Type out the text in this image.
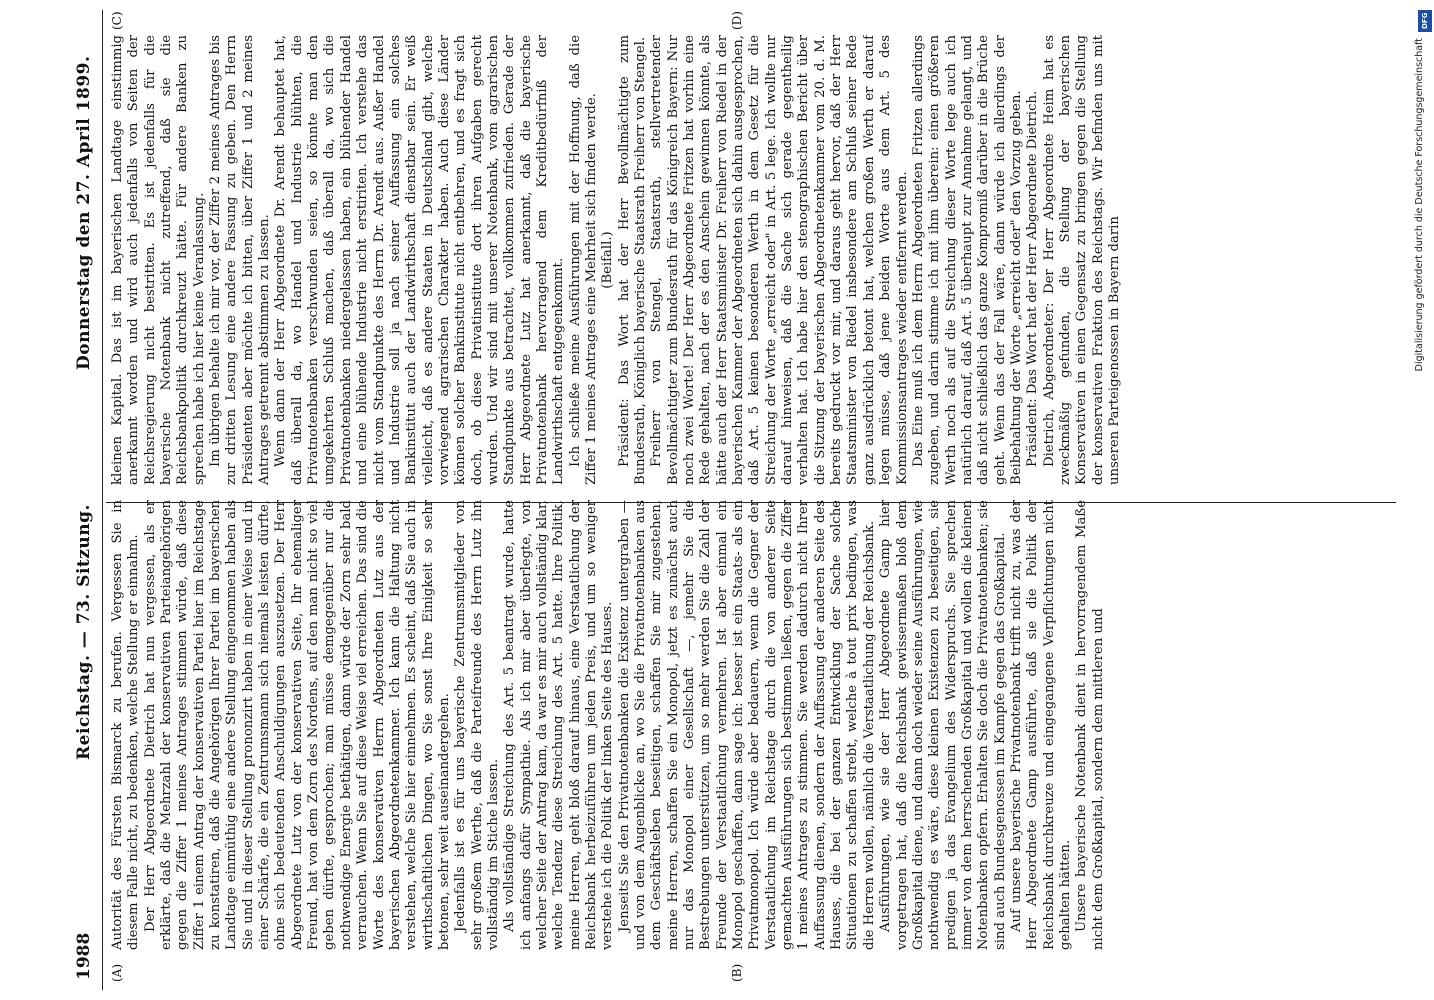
1988
Reichstag. — 73. Sitzung.
Donnerstag den 27. April 1899.
(A)	(B)
(C)	(D)

Autorität des Fürsten Bismarck zu berufen. Vergessen Sie in diesem Falle nicht, zu bedenken, welche Stellung er einnahm. Der Herr Abgeordnete Dietrich hat nun vergessen, als er erklärte, daß die Mehrzahl der konservativen Parteiangehörigen gegen die Ziffer 1 meines Antrages stimmen würde, daß diese Ziffer 1 einem Antrag der konservativen Partei hier im Reichstage zu konstatiren, daß die Angehörigen Ihrer Partei im bayerischen Landtage einmüthig eine andere Stellung eingenommen haben als Sie und in dieser Stellung prononzirt haben in einer Weise und in einer Schärfe, die ein Zentrumsmann sich niemals leisten dürfte, ohne sich bedeutenden Anschuldigungen auszusetzen. Der Herr Abgeordnete Lutz von der konservativen Seite, Ihr ehemaliger Freund, hat von dem Zorn des Nordens, auf den man nicht so viel geben dürfte, gesprochen; man müsse demgegenüber nur die nothwendige Energie bethätigen, dann würde der Zorn sehr bald verrauchen. Wenn Sie auf diese Weise viel erreichen. Das sind die Worte des konservativen Herrn Abgeordneten Lutz aus der bayerischen Abgeordnetenkammer. Ich kann die Haltung nicht verstehen, welche Sie hier einnehmen. Es scheint, daß Sie auch in wirthschaftlichen Dingen, wo Sie sonst Ihre Einigkeit so sehr betonen, sehr weit auseinandergehen. Jedenfalls ist es für uns bayerische Zentrumsmitglieder von sehr großem Werthe, daß die Parteifreunde des Herrn Lutz ihn vollständig im Stiche lassen. Als vollständige Streichung des Art. 5 beantragt wurde, hatte ich anfangs dafür Sympathie. Als ich mir aber überlegte, von welcher Seite der Antrag kam, da war es mir auch vollständig klar, welche Tendenz diese Streichung des Art. 5 hatte. Ihre Politik, meine Herren, geht bloß darauf hinaus, eine Verstaatlichung der Reichsbank herbeizuführen um jeden Preis, und um so weniger verstehe ich die Politik der linken Seite des Hauses. Jenseits Sie den Privatnotenbanken die Existenz untergraben — und von dem Augenblicke an, wo Sie die Privatnotenbanken aus dem Geschäftsleben beseitigen, schaffen Sie mir zugestehen, meine Herren, schaffen Sie ein Monopol, jetzt es zunächst auch nur das Monopol einer Gesellschaft —, jemehr Sie die Bestrebungen unterstützen, um so mehr werden Sie die Zahl der Freunde der Verstaatlichung vermehren. Ist aber einmal ein Monopol geschaffen, dann sage ich: besser ist ein Staats- als ein Privatmonopol. Ich würde aber bedauern, wenn die Gegner der Verstaatlichung im Reichstage durch die von anderer Seite gemachten Ausführungen sich bestimmen ließen, gegen die Ziffer 1 meines Antrages zu stimmen. Sie werden dadurch nicht Ihrer Auffassung dienen, sondern der Auffassung der anderen Seite des Hauses, die bei der ganzen Entwicklung der Sache solche Situationen zu schaffen strebt, welche à tout prix bedingen, was die Herren wollen, nämlich die Verstaatlichung der Reichsbank. Ausführungen, wie sie der Herr Abgeordnete Gamp hier vorgetragen hat, daß die Reichsbank gewissermaßen bloß dem Großkapital diene, und dann doch wieder seine Ausführungen, wie nothwendig es wäre, diese kleinen Existenzen zu beseitigen, sie predigen ja das Evangelium des Widerspruchs. Sie sprechen immer von dem herrschenden Großkapital und wollen die kleinen Notenbanken opfern. Erhalten Sie doch die Privatnotenbanken; sie sind auch Bundesgenossen im Kampfe gegen das Großkapital. Auf unsere bayerische Privatnotenbank trifft nicht zu, was der Herr Abgeordnete Gamp ausführte, daß sie die Politik der Reichsbank durchkreuze und eingegangene Verpflichtungen nicht gehalten hätten. Unsere bayerische Notenbank dient in hervorragendem Maße nicht dem Großkapital, sondern dem mittleren und

kleinen Kapital. Das ist im bayerischen Landtage einstimmig anerkannt worden und wird auch jedenfalls von Seiten der Reichsregierung nicht bestritten. Es ist jedenfalls für die bayerische Notenbank nicht zutreffend, daß sie die Reichsbankpolitik durchkreuzt hätte. Für andere Banken zu sprechen habe ich hier keine Veranlassung. Im übrigen behalte ich mir vor, der Ziffer 2 meines Antrages bis zur dritten Lesung eine andere Fassung zu geben. Den Herrn Präsidenten aber möchte ich bitten, über Ziffer 1 und 2 meines Antrages getrennt abstimmen zu lassen. Wenn dann der Herr Abgeordnete Dr. Arendt behauptet hat, daß überall da, wo Handel und Industrie blühten, die Privatnotenbanken verschwunden seien, so könnte man den umgekehrten Schluß machen, daß überall da, wo sich die Privatnotenbanken niedergelassen haben, ein blühender Handel und eine blühende Industrie nicht erstiriten. Ich verstehe das nicht vom Standpunkte des Herrn Dr. Arendt aus. Außer Handel und Industrie soll ja nach seiner Auffassung ein solches Bankinstitut auch der Landwirthschaft dienstbar sein. Er weiß vielleicht, daß es andere Staaten in Deutschland gibt, welche vorwiegend agrarischen Charakter haben. Auch diese Länder können solcher Bankinstitute nicht entbehren, und es fragt sich doch, ob diese Privatinstitute dort ihren Aufgaben gerecht wurden. Und wir sind mit unserer Notenbank, vom agrarischen Standpunkte aus betrachtet, vollkommen zufrieden. Gerade der Herr Abgeordnete Lutz hat anerkannt, daß die bayerische Privatnotenbank hervorragend dem Kreditbedürfniß der Landwirthschaft entgegenkommt. Ich schließe meine Ausführungen mit der Hoffnung, daß die Ziffer 1 meines Antrages eine Mehrheit sich finden werde. (Beifall.) Präsident: Das Wort hat der Herr Bevollmächtigte zum Bundesrath, Königlich bayerische Staatsrath Freiherr von Stengel. Freiherr von Stengel, Staatsrath, stellvertretender Bevollmächtigter zum Bundesrath für das Königreich Bayern: Nur noch zwei Worte! Der Herr Abgeordnete Fritzen hat vorhin eine Rede gehalten, nach der es den Anschein gewinnen könnte, als hätte auch der Herr Staatsminister Dr. Freiherr von Riedel in der bayerischen Kammer der Abgeordneten sich dahin ausgesprochen, daß Art. 5 keinen besonderen Werth in dem Gesetz für die Streichung der Worte „erreicht oder" in Art. 5 lege. Ich wollte nur darauf hinweisen, daß die Sache sich gerade gegentheilig verhalten hat. Ich habe hier den stenographischen Bericht über die Sitzung der bayerischen Abgeordnetenkammer vom 20. d. M. bereits gedruckt vor mir, und daraus geht hervor, daß der Herr Staatsminister von Riedel insbesondere am Schluß seiner Rede ganz ausdrücklich betont hat, welchen großen Werth er darauf legen müsse, daß jene beiden Worte aus dem Art. 5 des Kommissionsantrages wieder entfernt werden. Das Eine muß ich dem Herrn Abgeordneten Fritzen allerdings zugeben, und darin stimme ich mit ihm überein: einen größeren Werth noch als auf die Streichung dieser Worte lege auch ich natürlich darauf, daß Art. 5 überhaupt zur Annahme gelangt, und daß nicht schließlich das ganze Kompromiß darüber in die Brüche geht. Wenn das der Fall wäre, dann würde ich allerdings der Beibehaltung der Worte „erreicht oder" den Vorzug geben. Präsident: Das Wort hat der Herr Abgeordnete Dietrich. Dietrich, Abgeordneter: Der Herr Abgeordnete Heim hat es zweckmäßig gefunden, die Stellung der bayerischen Konservativen in einen Gegensatz zu bringen gegen die Stellung der konservativen Fraktion des Reichstags. Wir befinden uns mit unseren Parteigenossen in Bayern darin

DFG
Digitalisierung gefördert durch die Deutsche Forschungsgemeinschaft
